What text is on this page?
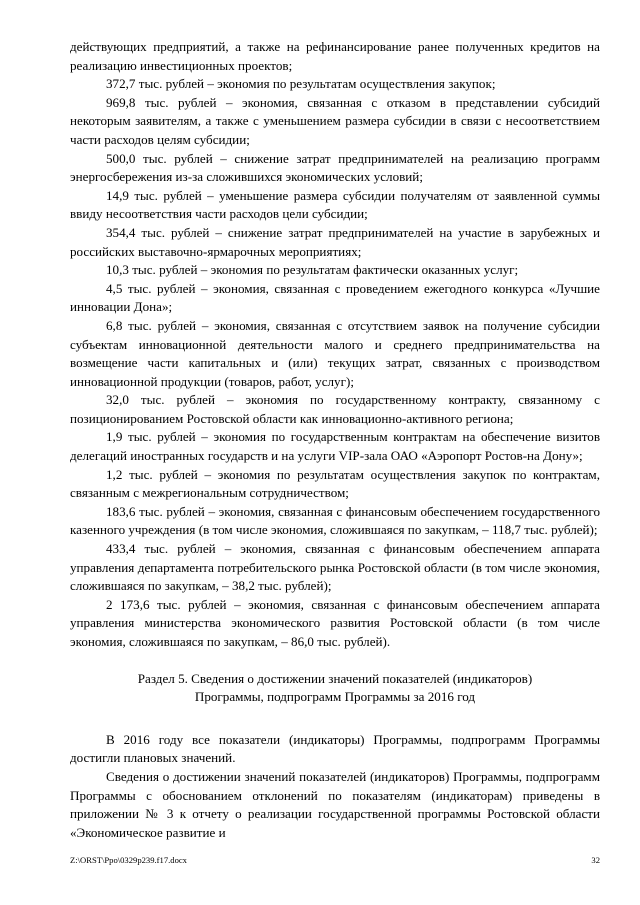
действующих предприятий, а также на рефинансирование ранее полученных кредитов на реализацию инвестиционных проектов;

372,7 тыс. рублей – экономия по результатам осуществления закупок;

969,8 тыс. рублей – экономия, связанная с отказом в представлении субсидий некоторым заявителям, а также с уменьшением размера субсидии в связи с несоответствием части расходов целям субсидии;

500,0 тыс. рублей – снижение затрат предпринимателей на реализацию программ энергосбережения из-за сложившихся экономических условий;

14,9 тыс. рублей – уменьшение размера субсидии получателям от заявленной суммы ввиду несоответствия части расходов цели субсидии;

354,4 тыс. рублей – снижение затрат предпринимателей на участие в зарубежных и российских выставочно-ярмарочных мероприятиях;

10,3 тыс. рублей – экономия по результатам фактически оказанных услуг;

4,5 тыс. рублей – экономия, связанная с проведением ежегодного конкурса «Лучшие инновации Дона»;

6,8 тыс. рублей – экономия, связанная с отсутствием заявок на получение субсидии субъектам инновационной деятельности малого и среднего предпринимательства на возмещение части капитальных и (или) текущих затрат, связанных с производством инновационной продукции (товаров, работ, услуг);

32,0 тыс. рублей – экономия по государственному контракту, связанному с позиционированием Ростовской области как инновационно-активного региона;

1,9 тыс. рублей – экономия по государственным контрактам на обеспечение визитов делегаций иностранных государств и на услуги VIP-зала ОАО «Аэропорт Ростов-на Дону»;

1,2 тыс. рублей – экономия по результатам осуществления закупок по контрактам, связанным с межрегиональным сотрудничеством;

183,6 тыс. рублей – экономия, связанная с финансовым обеспечением государственного казенного учреждения (в том числе экономия, сложившаяся по закупкам, – 118,7 тыс. рублей);

433,4 тыс. рублей – экономия, связанная с финансовым обеспечением аппарата управления департамента потребительского рынка Ростовской области (в том числе экономия, сложившаяся по закупкам, – 38,2 тыс. рублей);

2 173,6 тыс. рублей – экономия, связанная с финансовым обеспечением аппарата управления министерства экономического развития Ростовской области (в том числе экономия, сложившаяся по закупкам, – 86,0 тыс. рублей).

Раздел 5. Сведения о достижении значений показателей (индикаторов)
Программы, подпрограмм Программы за 2016 год

В 2016 году все показатели (индикаторы) Программы, подпрограмм Программы достигли плановых значений.

Сведения о достижении значений показателей (индикаторов) Программы, подпрограмм Программы с обоснованием отклонений по показателям (индикаторам) приведены в приложении № 3 к отчету о реализации государственной программы Ростовской области «Экономическое развитие и

Z:\ORST\Ppo\0329p239.f17.docx	32
